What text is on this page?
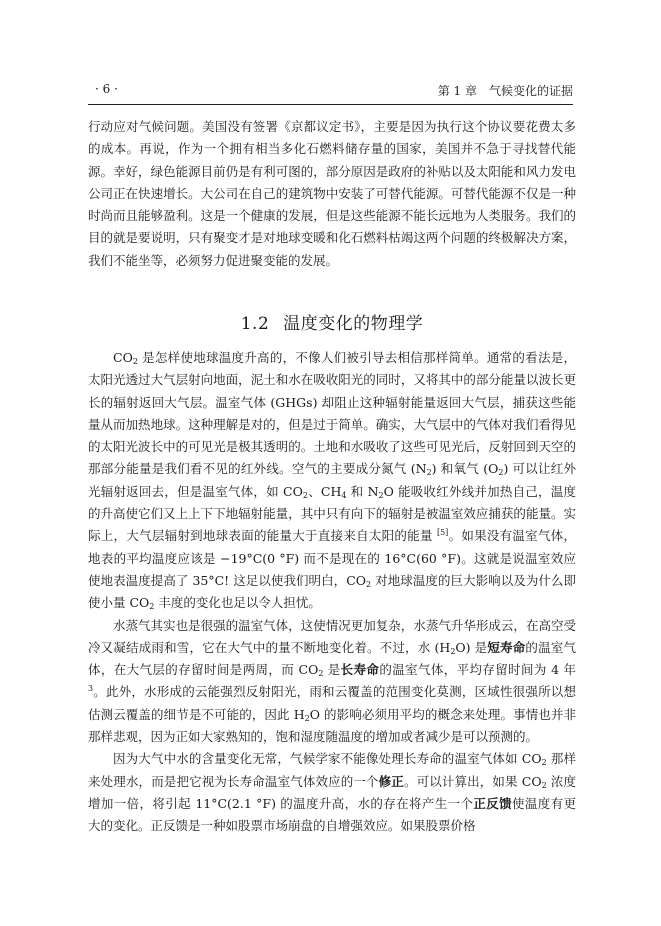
· 6 ·	第 1 章　气候变化的证据

行动应对气候问题。美国没有签署《京都议定书》，主要是因为执行这个协议要花费太多的成本。再说，作为一个拥有相当多化石燃料储存量的国家，美国并不急于寻找替代能源。幸好，绿色能源目前仍是有利可图的，部分原因是政府的补贴以及太阳能和风力发电公司正在快速增长。大公司在自己的建筑物中安装了可替代能源。可替代能源不仅是一种时尚而且能够盈利。这是一个健康的发展，但是这些能源不能长远地为人类服务。我们的目的就是要说明，只有聚变才是对地球变暖和化石燃料枯竭这两个问题的终极解决方案，我们不能坐等，必须努力促进聚变能的发展。

1.2 温度变化的物理学

$CO_2$ 是怎样使地球温度升高的，不像人们被引导去相信那样简单。通常的看法是，太阳光透过大气层射向地面，泥土和水在吸收阳光的同时，又将其中的部分能量以波长更长的辐射返回大气层。温室气体 (GHGs) 却阻止这种辐射能量返回大气层，捕获这些能量从而加热地球。这种理解是对的，但是过于简单。确实，大气层中的气体对我们看得见的太阳光波长中的可见光是极其透明的。土地和水吸收了这些可见光后，反射回到天空的那部分能量是我们看不见的红外线。空气的主要成分氮气 $(N_2)$ 和氧气 $(O_2)$ 可以让红外光辐射返回去，但是温室气体，如 $CO_2$、$CH_4$ 和 $N_2O$ 能吸收红外线并加热自己，温度的升高使它们又上上下下地辐射能量，其中只有向下的辐射是被温室效应捕获的能量。实际上，大气层辐射到地球表面的能量大于直接来自太阳的能量 [5]。如果没有温室气体，地表的平均温度应该是 −19°C(0 °F) 而不是现在的 16°C(60 °F)。这就是说温室效应使地表温度提高了 35°C! 这足以使我们明白，$CO_2$ 对地球温度的巨大影响以及为什么即使小量 $CO_2$ 丰度的变化也足以令人担忧。

水蒸气其实也是很强的温室气体，这使情况更加复杂，水蒸气升华形成云，在高空受冷又凝结成雨和雪，它在大气中的量不断地变化着。不过，水 $(H_2O)$ 是短寿命的温室气体，在大气层的存留时间是两周，而 $CO_2$ 是长寿命的温室气体，平均存留时间为 4 年 $^3$。此外，水形成的云能强烈反射阳光，雨和云覆盖的范围变化莫测，区域性很强所以想估测云覆盖的细节是不可能的，因此 $H_2O$ 的影响必须用平均的概念来处理。事情也并非那样悲观，因为正如大家熟知的，饱和湿度随温度的增加或者减少是可以预测的。

因为大气中水的含量变化无常，气候学家不能像处理长寿命的温室气体如 $CO_2$ 那样来处理水，而是把它视为长寿命温室气体效应的一个修正。可以计算出，如果 $CO_2$ 浓度增加一倍，将引起 11°C(2.1 °F) 的温度升高，水的存在将产生一个正反馈使温度有更大的变化。正反馈是一种如股票市场崩盘的自增强效应。如果股票价格
